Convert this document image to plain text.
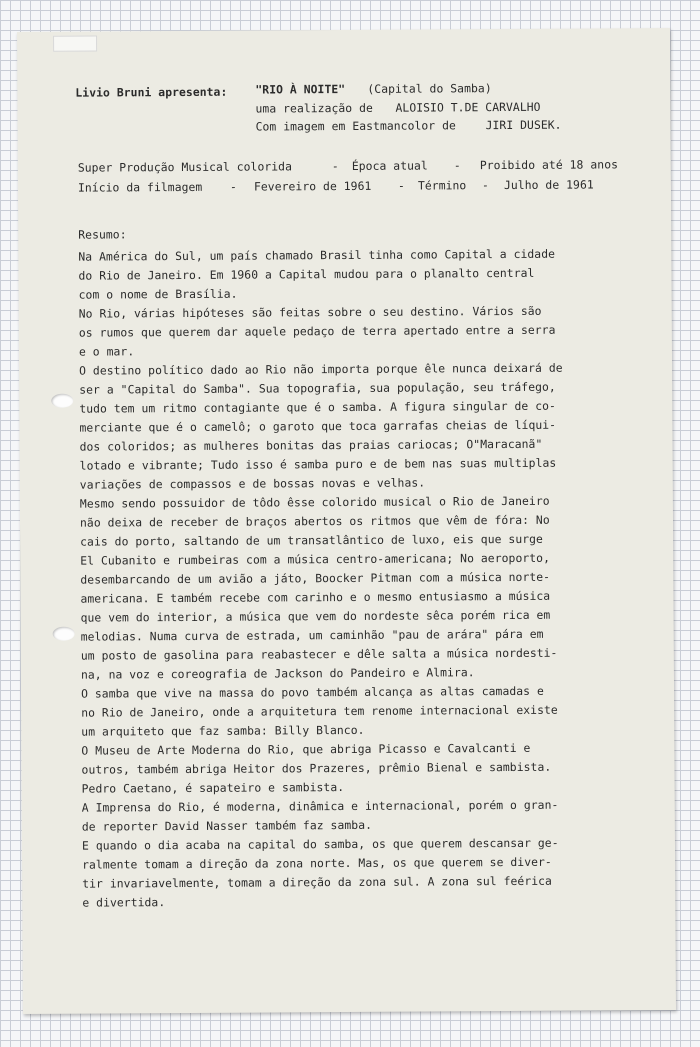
Livio Bruni apresenta: "RIO À NOITE" (Capital do Samba)
uma realização de ALOISIO T.DE CARVALHO
Com imagem em Eastmancolor de	JIRI DUSEK.
Super Produção Musical colorida	- Época atual - Proibido até 18 anos
Início da filmagem - Fevereiro de 1961 - Término - Julho de 1961
Resumo:
Na América do Sul, um país chamado Brasil tinha como Capital a cidade
do Rio de Janeiro. Em 1960 a Capital mudou para o planalto central
com o nome de Brasília.
No Rio, várias hipóteses são feitas sobre o seu destino. Vários são
os rumos que querem dar aquele pedaço de terra apertado entre a serra
e o mar.
O destino político dado ao Rio não importa porque êle nunca deixará de
ser a "Capital do Samba". Sua topografia, sua população, seu tráfego,
tudo tem um ritmo contagiante que é o samba. A figura singular de co-
merciante que é o camelô; o garoto que toca garrafas cheias de líqui-
dos coloridos; as mulheres bonitas das praias cariocas; O"Maracanã"
lotado e vibrante; Tudo isso é samba puro e de bem nas suas multiplas
variações de compassos e de bossas novas e velhas.
Mesmo sendo possuidor de tôdo êsse colorido musical o Rio de Janeiro
não deixa de receber de braços abertos os ritmos que vêm de fóra: No
cais do porto, saltando de um transatlântico de luxo, eis que surge
El Cubanito e rumbeiras com a música centro-americana; No aeroporto,
desembarcando de um avião a játo, Boocker Pitman com a música norte-
americana. E também recebe com carinho e o mesmo entusiasmo a música
que vem do interior, a música que vem do nordeste sêca porém rica em
melodias. Numa curva de estrada, um caminhão "pau de arára" pára em
um posto de gasolina para reabastecer e dêle salta a música nordesti-
na, na voz e coreografia de Jackson do Pandeiro e Almira.
O samba que vive na massa do povo também alcança as altas camadas e
no Rio de Janeiro, onde a arquitetura tem renome internacional existe
um arquiteto que faz samba: Billy Blanco.
O Museu de Arte Moderna do Rio, que abriga Picasso e Cavalcanti e
outros, também abriga Heitor dos Prazeres, prêmio Bienal e sambista.
Pedro Caetano, é sapateiro e sambista.
A Imprensa do Rio, é moderna, dinâmica e internacional, porém o gran-
de reporter David Nasser também faz samba.
E quando o dia acaba na capital do samba, os que querem descansar ge-
ralmente tomam a direção da zona norte. Mas, os que querem se diver-
tir invariavelmente, tomam a direção da zona sul. A zona sul feérica
e divertida.
